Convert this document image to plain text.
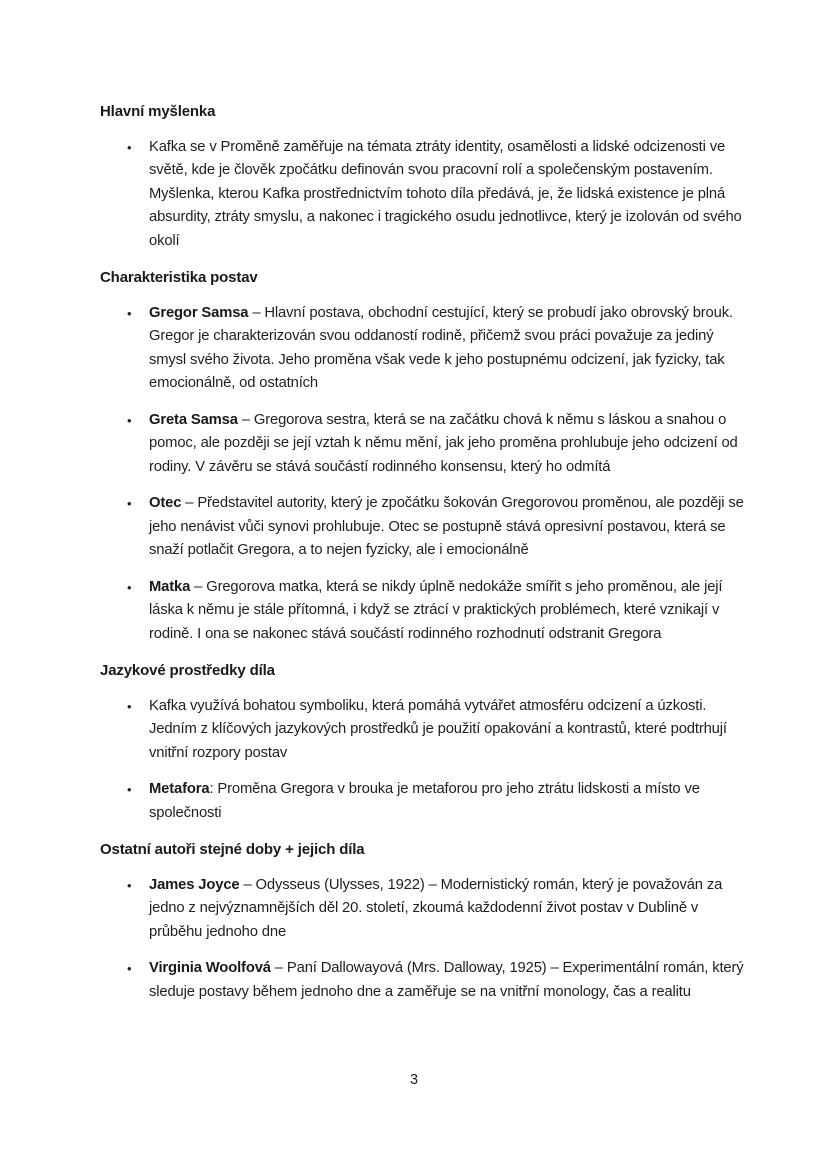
Hlavní myšlenka
• Kafka se v Proměně zaměřuje na témata ztráty identity, osamělosti a lidské odcizenosti ve světě, kde je člověk zpočátku definován svou pracovní rolí a společenským postavením. Myšlenka, kterou Kafka prostřednictvím tohoto díla předává, je, že lidská existence je plná absurdity, ztráty smyslu, a nakonec i tragického osudu jednotlivce, který je izolován od svého okolí
Charakteristika postav
• Gregor Samsa – Hlavní postava, obchodní cestující, který se probudí jako obrovský brouk. Gregor je charakterizován svou oddaností rodině, přičemž svou práci považuje za jediný smysl svého života. Jeho proměna však vede k jeho postupnému odcizení, jak fyzicky, tak emocionálně, od ostatních
• Greta Samsa – Gregorova sestra, která se na začátku chová k němu s láskou a snahou o pomoc, ale později se její vztah k němu mění, jak jeho proměna prohlubuje jeho odcizení od rodiny. V závěru se stává součástí rodinného konsensu, který ho odmítá
• Otec – Představitel autority, který je zpočátku šokován Gregorovou proměnou, ale později se jeho nenávist vůči synovi prohlubuje. Otec se postupně stává opresivní postavou, která se snaží potlačit Gregora, a to nejen fyzicky, ale i emocionálně
• Matka – Gregorova matka, která se nikdy úplně nedokáže smířit s jeho proměnou, ale její láska k němu je stále přítomná, i když se ztrácí v praktických problémech, které vznikají v rodině. I ona se nakonec stává součástí rodinného rozhodnutí odstranit Gregora
Jazykové prostředky díla
• Kafka využívá bohatou symboliku, která pomáhá vytvářet atmosféru odcizení a úzkosti. Jedním z klíčových jazykových prostředků je použití opakování a kontrastů, které podtrhují vnitřní rozpory postav
• Metafora: Proměna Gregora v brouka je metaforou pro jeho ztrátu lidskosti a místo ve společnosti
Ostatní autoři stejné doby + jejich díla
• James Joyce – Odysseus (Ulysses, 1922) – Modernistický román, který je považován za jedno z nejvýznamnějších děl 20. století, zkoumá každodenní život postav v Dublině v průběhu jednoho dne
• Virginia Woolfová – Paní Dallowayová (Mrs. Dalloway, 1925) – Experimentální román, který sleduje postavy během jednoho dne a zaměřuje se na vnitřní monology, čas a realitu
3
